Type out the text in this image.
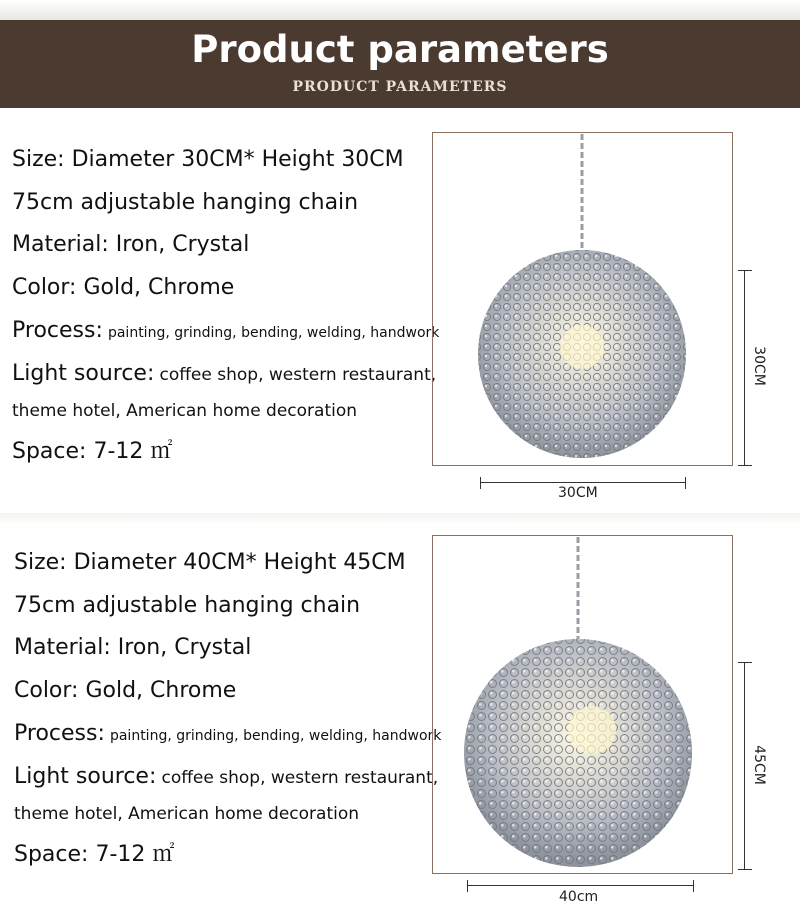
Product parameters
PRODUCT PARAMETERS
Size: Diameter 30CM* Height 30CM
75cm adjustable hanging chain
Material: Iron, Crystal
Color: Gold, Chrome
Process: painting, grinding, bending, welding, handwork
Light source: coffee shop, western restaurant,
theme hotel, American home decoration
Space: 7-12 ㎡
30CM
30CM
Size: Diameter 40CM* Height 45CM
75cm adjustable hanging chain
Material: Iron, Crystal
Color: Gold, Chrome
Process: painting, grinding, bending, welding, handwork
Light source: coffee shop, western restaurant,
theme hotel, American home decoration
Space: 7-12 ㎡
45CM
40cm
